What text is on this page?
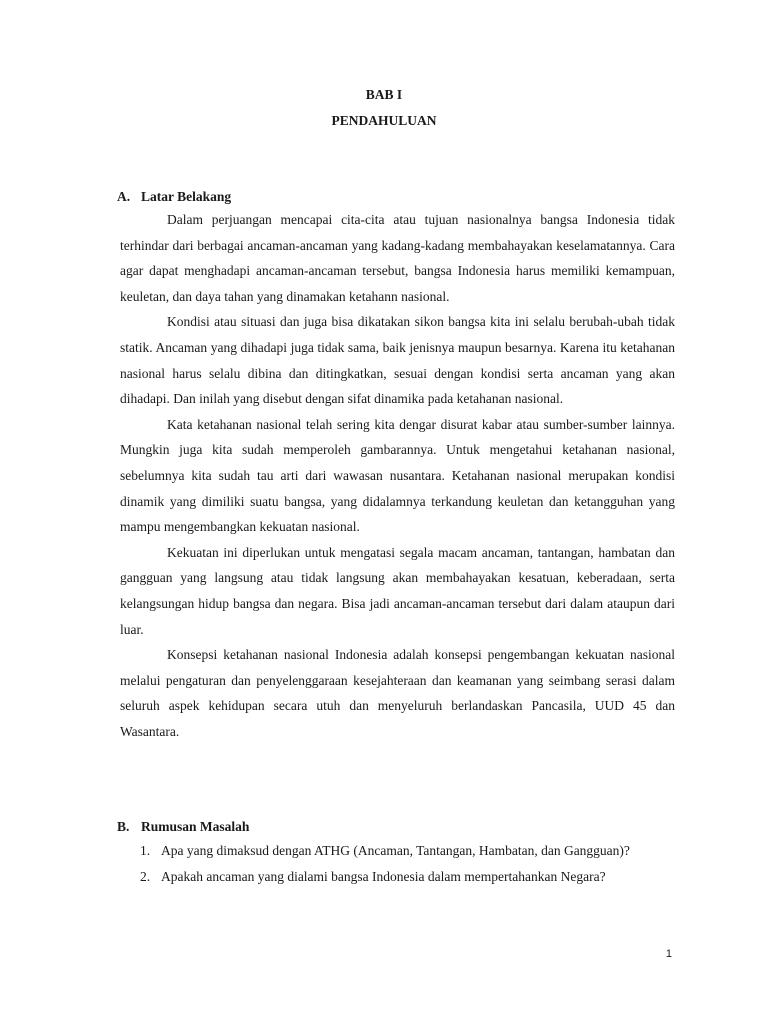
BAB I
PENDAHULUAN
A. Latar Belakang

Dalam perjuangan mencapai cita-cita atau tujuan nasionalnya bangsa Indonesia tidak terhindar dari berbagai ancaman-ancaman yang kadang-kadang membahayakan keselamatannya. Cara agar dapat menghadapi ancaman-ancaman tersebut, bangsa Indonesia harus memiliki kemampuan, keuletan, dan daya tahan yang dinamakan ketahann nasional.

Kondisi atau situasi dan juga bisa dikatakan sikon bangsa kita ini selalu berubah-ubah tidak statik. Ancaman yang dihadapi juga tidak sama, baik jenisnya maupun besarnya. Karena itu ketahanan nasional harus selalu dibina dan ditingkatkan, sesuai dengan kondisi serta ancaman yang akan dihadapi. Dan inilah yang disebut dengan sifat dinamika pada ketahanan nasional.

Kata ketahanan nasional telah sering kita dengar disurat kabar atau sumber-sumber lainnya. Mungkin juga kita sudah memperoleh gambarannya. Untuk mengetahui ketahanan nasional, sebelumnya kita sudah tau arti dari wawasan nusantara. Ketahanan nasional merupakan kondisi dinamik yang dimiliki suatu bangsa, yang didalamnya terkandung keuletan dan ketangguhan yang mampu mengembangkan kekuatan nasional.

Kekuatan ini diperlukan untuk mengatasi segala macam ancaman, tantangan, hambatan dan gangguan yang langsung atau tidak langsung akan membahayakan kesatuan, keberadaan, serta kelangsungan hidup bangsa dan negara. Bisa jadi ancaman-ancaman tersebut dari dalam ataupun dari luar.

Konsepsi ketahanan nasional Indonesia adalah konsepsi pengembangan kekuatan nasional melalui pengaturan dan penyelenggaraan kesejahteraan dan keamanan yang seimbang serasi dalam seluruh aspek kehidupan secara utuh dan menyeluruh berlandaskan Pancasila, UUD 45 dan Wasantara.

B. Rumusan Masalah
1. Apa yang dimaksud dengan ATHG (Ancaman, Tantangan, Hambatan, dan Gangguan)?
2. Apakah ancaman yang dialami bangsa Indonesia dalam mempertahankan Negara?
1
